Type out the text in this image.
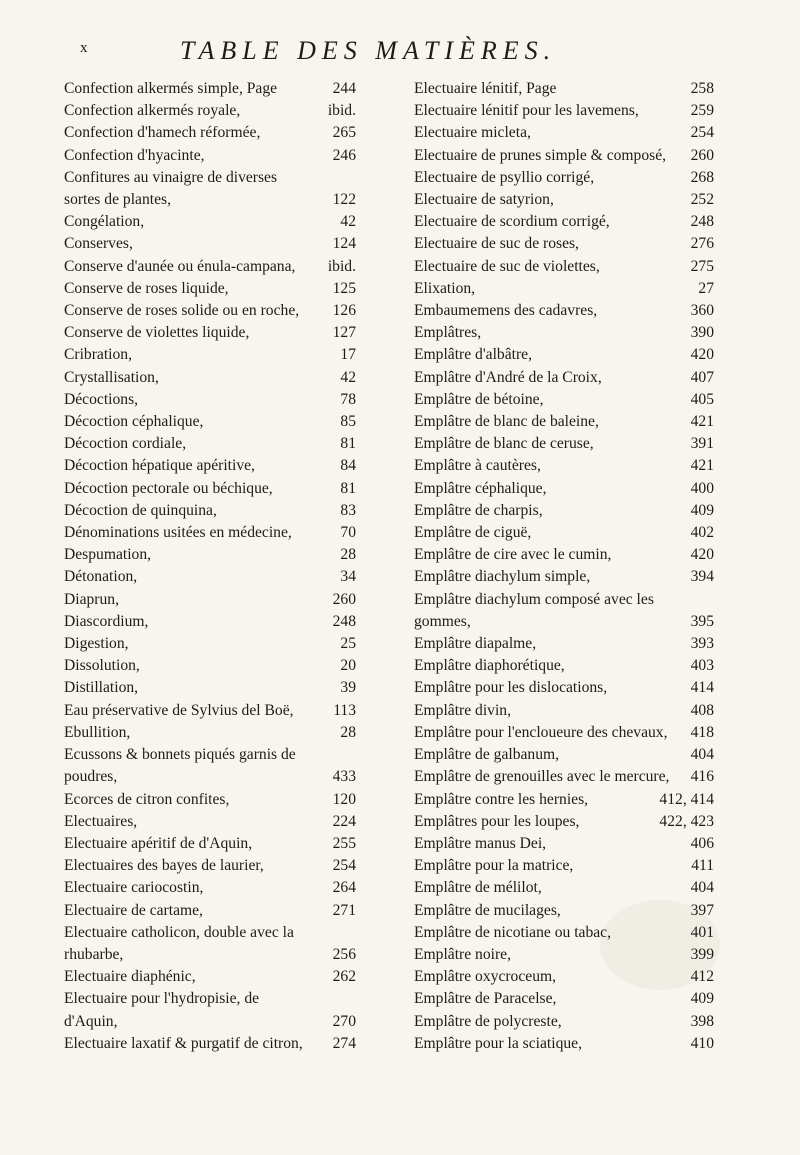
x	TABLE DES MATIÈRES.
Confection alkermés simple, Page	244
Confection alkermés royale,	ibid.
Confection d'hamech réformée,	265
Confection d'hyacinte,	246
Confitures au vinaigre de diverses sortes de plantes,	122
Congélation,	42
Conserves,	124
Conserve d'aunée ou énula-campana,	ibid.
Conserve de roses liquide,	125
Conserve de roses solide ou en roche,	126
Conserve de violettes liquide,	127
Cribration,	17
Crystallisation,	42
Décoctions,	78
Décoction céphalique,	85
Décoction cordiale,	81
Décoction hépatique apéritive,	84
Décoction pectorale ou béchique,	81
Décoction de quinquina,	83
Dénominations usitées en médecine,	70
Despumation,	28
Détonation,	34
Diaprun,	260
Diascordium,	248
Digestion,	25
Dissolution,	20
Distillation,	39
Eau préservative de Sylvius del Boë,	113
Ebullition,	28
Ecussons & bonnets piqués garnis de poudres,	433
Ecorces de citron confites,	120
Electuaires,	224
Electuaire apéritif de d'Aquin,	255
Electuaires des bayes de laurier,	254
Electuaire cariocostin,	264
Electuaire de cartame,	271
Electuaire catholicon, double avec la rhubarbe,	256
Electuaire diaphénic,	262
Electuaire pour l'hydropisie, de d'Aquin,	270
Electuaire laxatif & purgatif de citron,	274
Electuaire lénitif, Page	258
Electuaire lénitif pour les lavemens,	259
Electuaire micleta,	254
Electuaire de prunes simple & composé,	260
Electuaire de psyllio corrigé,	268
Electuaire de satyrion,	252
Electuaire de scordium corrigé,	248
Electuaire de suc de roses,	276
Electuaire de suc de violettes,	275
Elixation,	27
Embaumemens des cadavres,	360
Emplâtres,	390
Emplâtre d'albâtre,	420
Emplâtre d'André de la Croix,	407
Emplâtre de bétoine,	405
Emplâtre de blanc de baleine,	421
Emplâtre de blanc de ceruse,	391
Emplâtre à cautères,	421
Emplâtre céphalique,	400
Emplâtre de charpis,	409
Emplâtre de ciguë,	402
Emplâtre de cire avec le cumin,	420
Emplâtre diachylum simple,	394
Emplâtre diachylum composé avec les gommes,	395
Emplâtre diapalme,	393
Emplâtre diaphorétique,	403
Emplâtre pour les dislocations,	414
Emplâtre divin,	408
Emplâtre pour l'encloueure des chevaux,	418
Emplâtre de galbanum,	404
Emplâtre de grenouilles avec le mercure,	416
Emplâtre contre les hernies,	412, 414
Emplâtres pour les loupes,	422, 423
Emplâtre manus Dei,	406
Emplâtre pour la matrice,	411
Emplâtre de mélilot,	404
Emplâtre de mucilages,	397
Emplâtre de nicotiane ou tabac,	401
Emplâtre noire,	399
Emplâtre oxycroceum,	412
Emplâtre de Paracelse,	409
Emplâtre de polycreste,	398
Emplâtre pour la sciatique,	410
